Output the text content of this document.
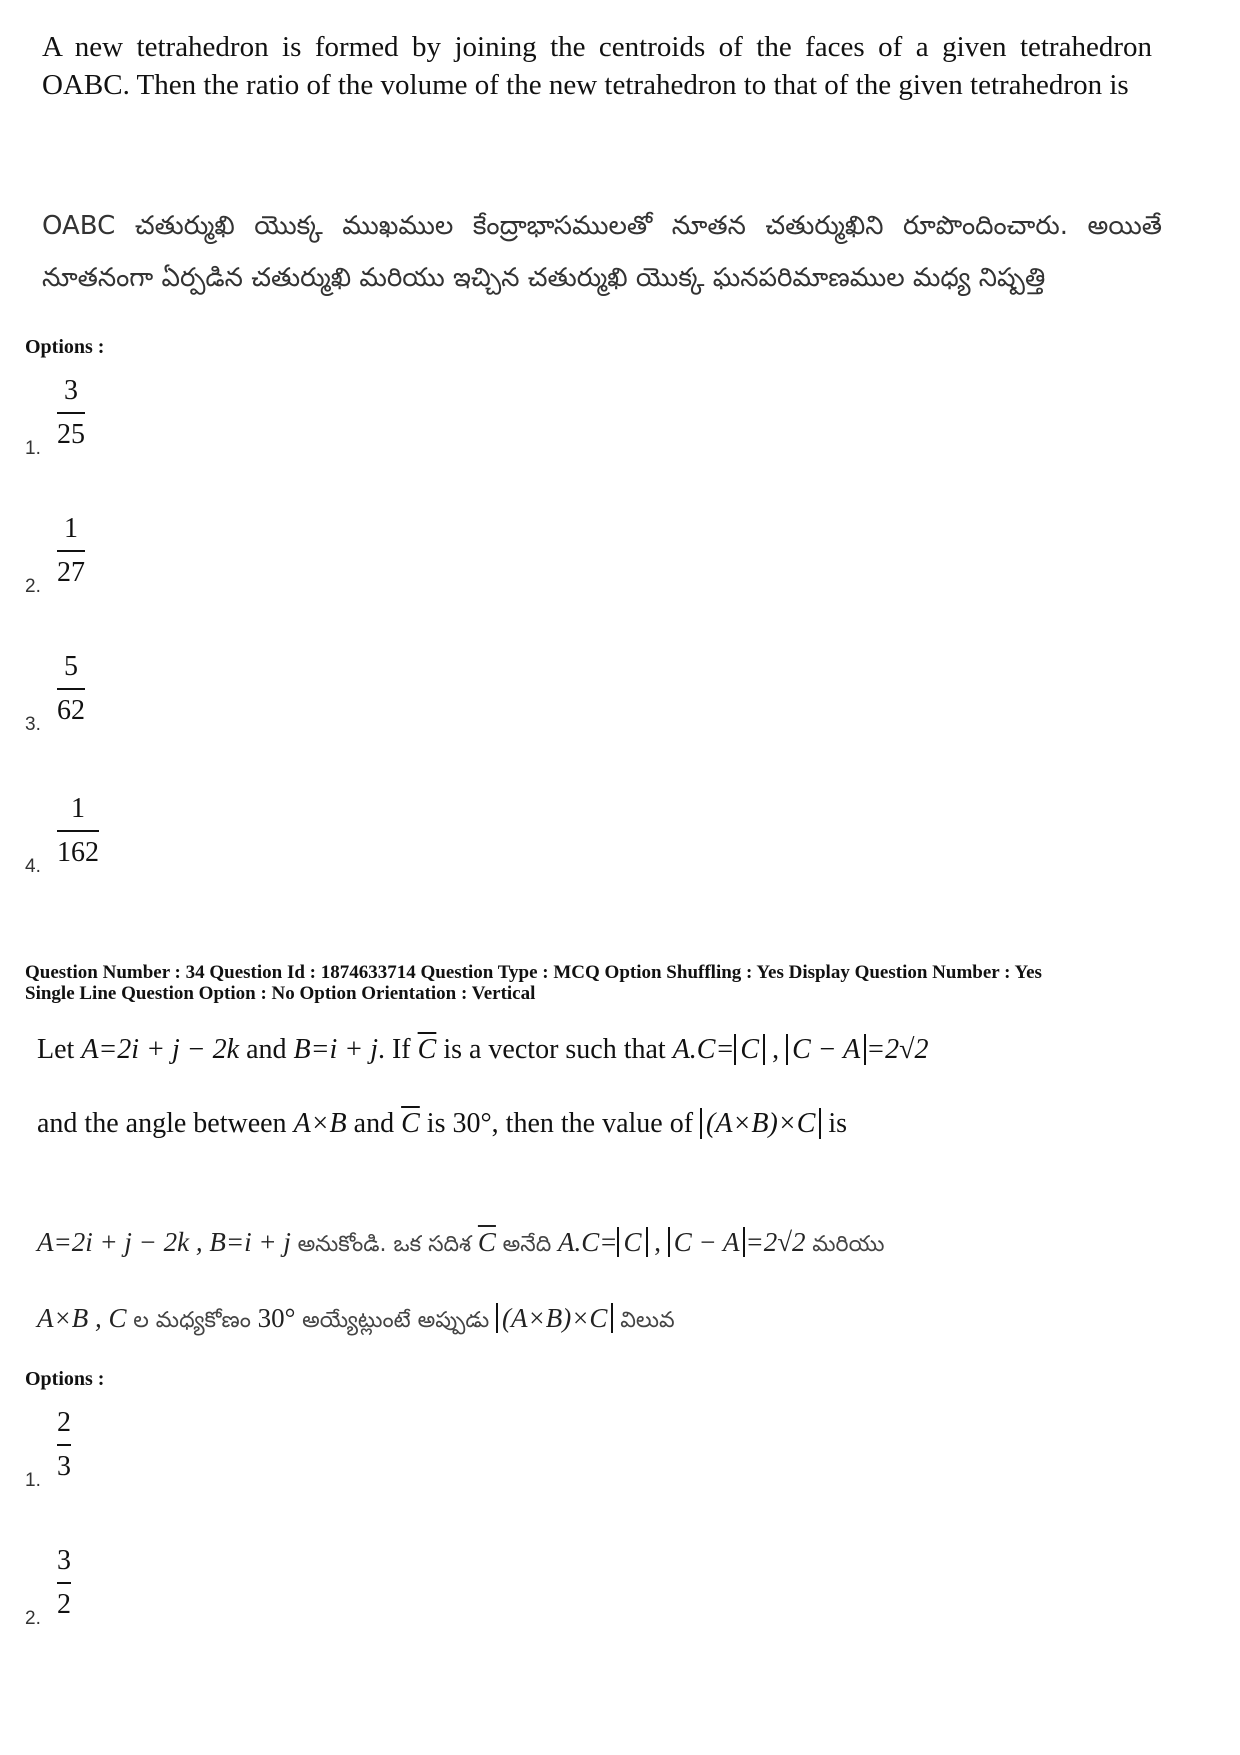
A new tetrahedron is formed by joining the centroids of the faces of a given tetrahedron OABC. Then the ratio of the volume of the new tetrahedron to that of the given tetrahedron is
OABC చతుర్ముఖి యొక్క ముఖముల కేంద్రాభాసములతో నూతన చతుర్ముఖిని రూపొందించారు. అయితే నూతనంగా ఏర్పడిన చతుర్ముఖి మరియు ఇచ్చిన చతుర్ముఖి యొక్క ఘనపరిమాణముల మధ్య నిష్పత్తి
Options :
1.
3
25
2.
1
27
3.
5
62
4.
1
162
Question Number : 34 Question Id : 1874633714 Question Type : MCQ Option Shuffling : Yes Display Question Number : Yes
Single Line Question Option : No Option Orientation : Vertical
Let A=2i + j − 2k and B=i + j. If $\overline{C}$ is a vector such that A.C= C , C − A =2√2
and the angle between A×B and $\overline{C}$ is 30°, then the value of (A×B)×C is
A=2i + j − 2k , B=i + j అనుకోండి. ఒక సదిశ $\overline{C}$ అనేది A.C= C , C − A =2√2 మరియు
A×B , C ల మధ్యకోణం 30° అయ్యేట్లుంటే అప్పుడు (A×B)×C విలువ
Options :
1.
2
3
2.
3
2
